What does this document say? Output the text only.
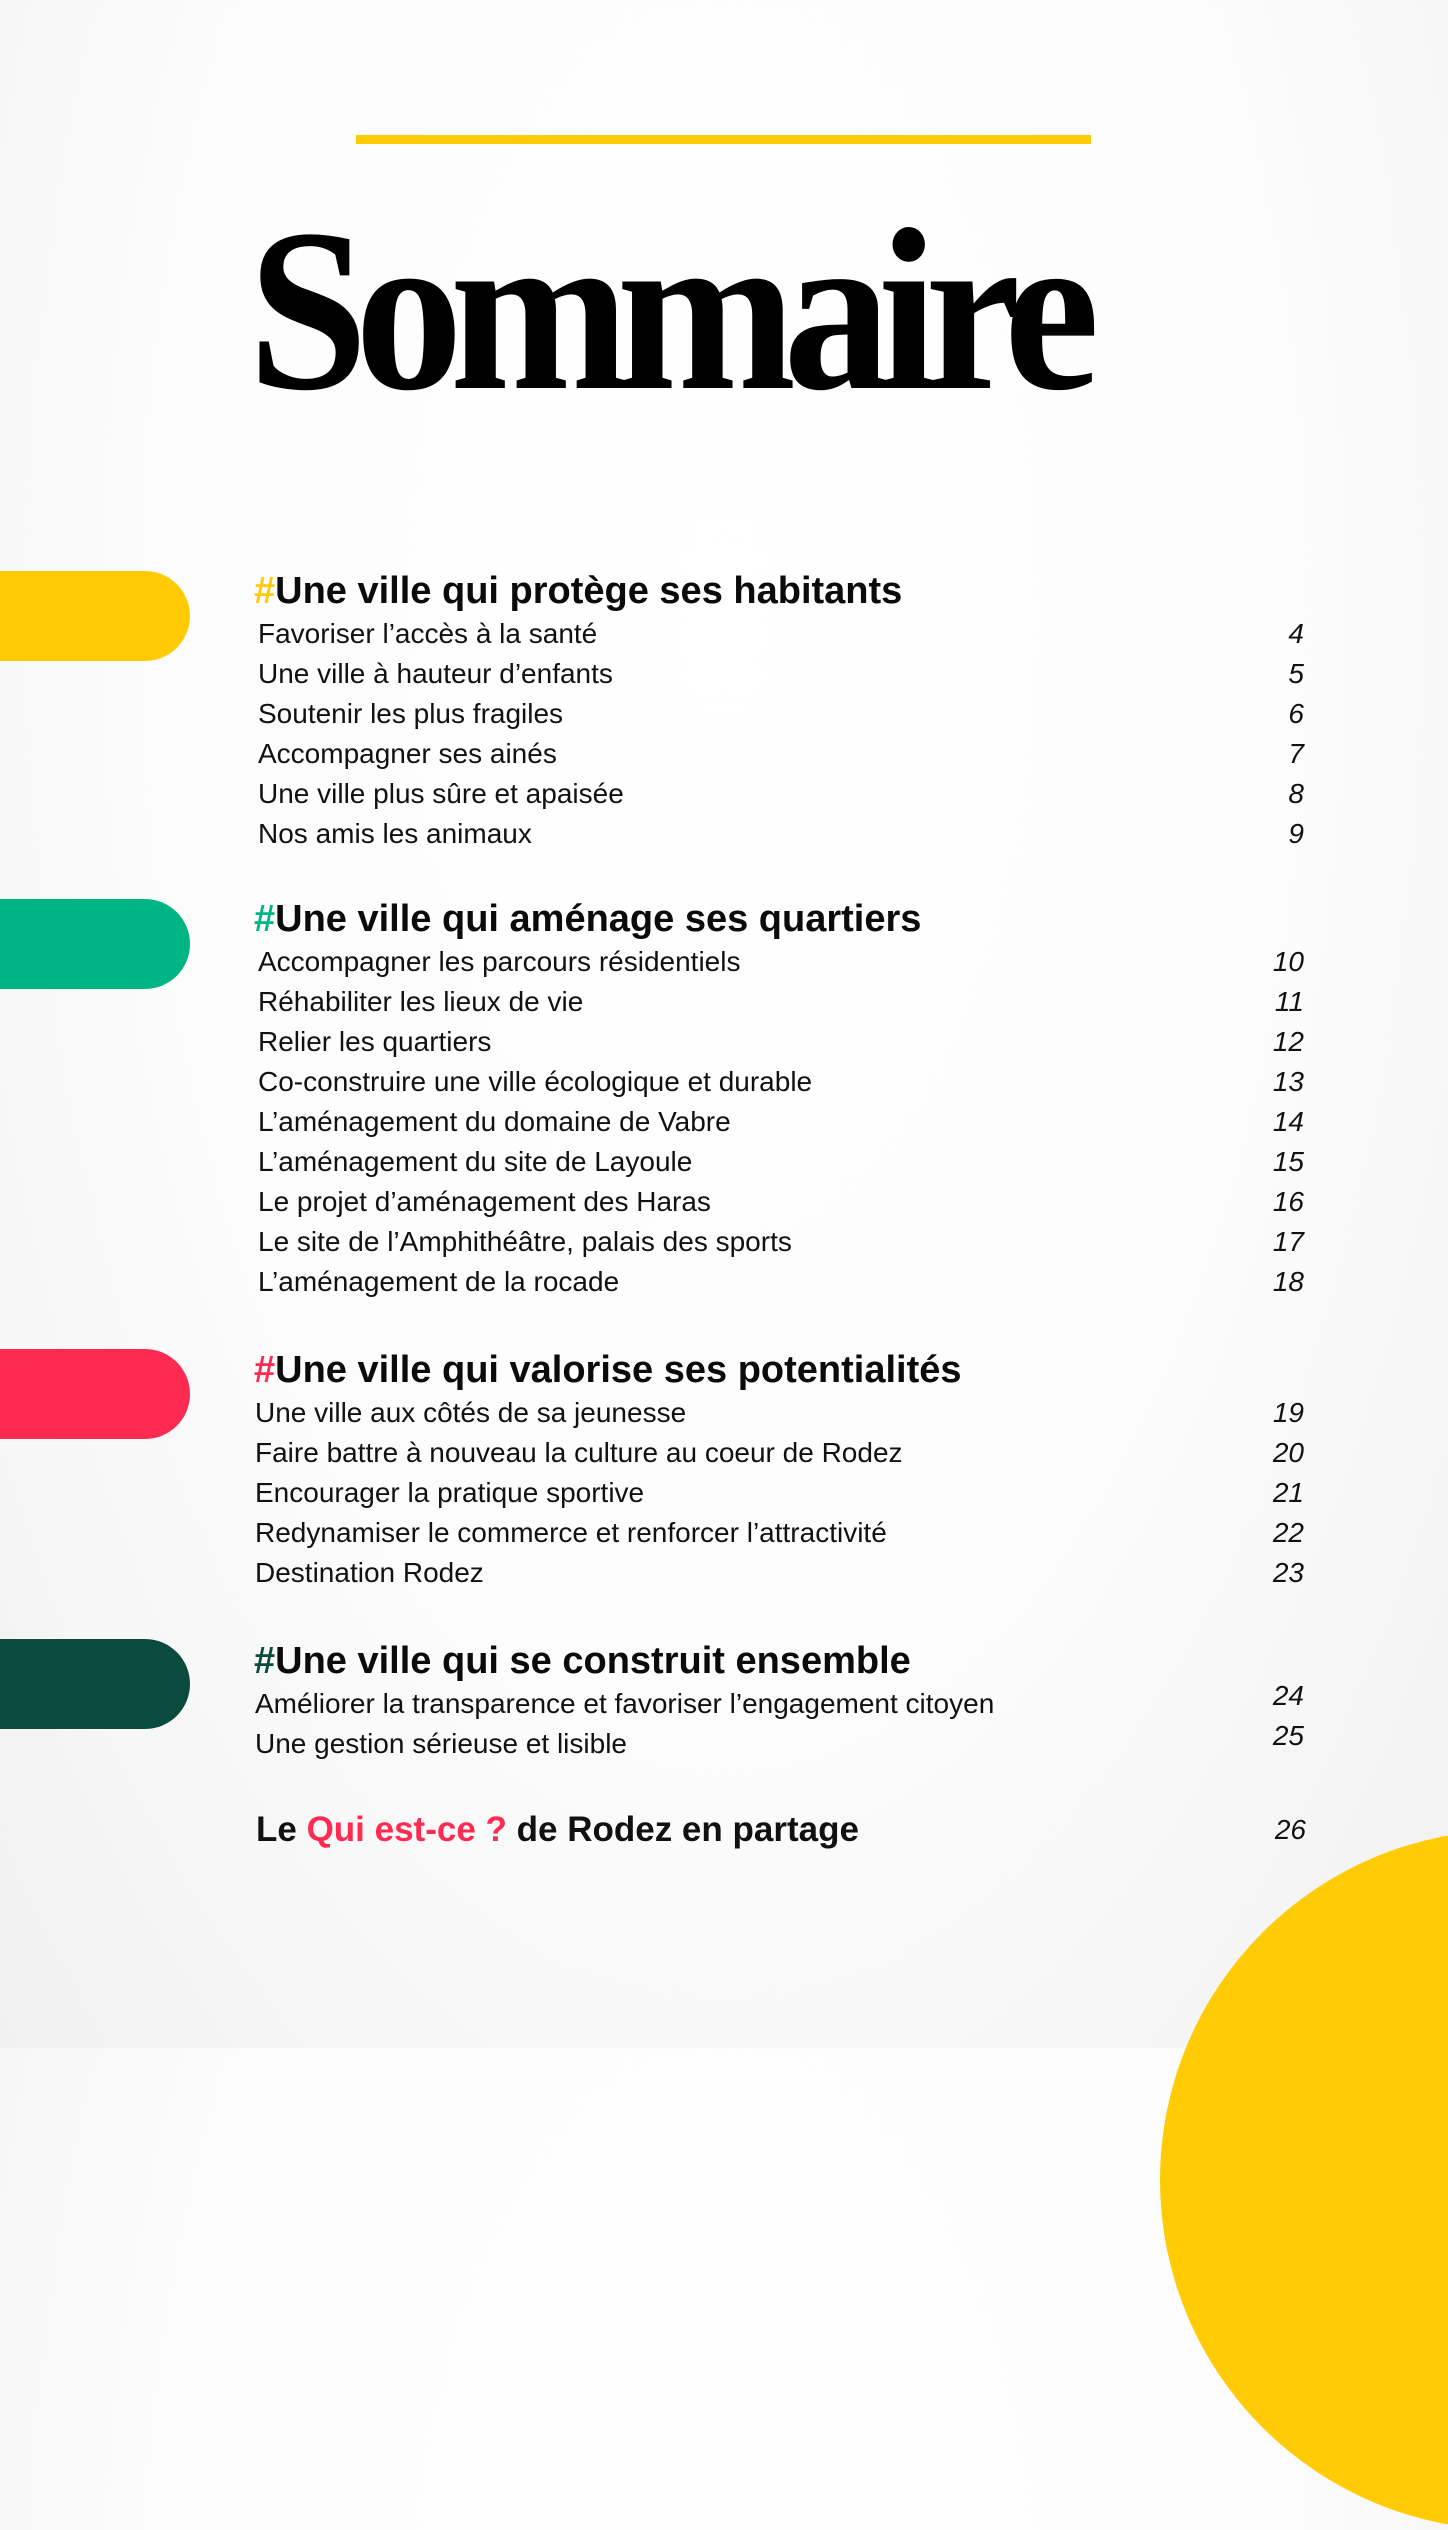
Sommaire
#Une ville qui protège ses habitants
Favoriser l’accès à la santé	4
Une ville à hauteur d’enfants	5
Soutenir les plus fragiles	6
Accompagner ses ainés	7
Une ville plus sûre et apaisée	8
Nos amis les animaux	9
#Une ville qui aménage ses quartiers
Accompagner les parcours résidentiels	10
Réhabiliter les lieux de vie	11
Relier les quartiers	12
Co-construire une ville écologique et durable	13
L’aménagement du domaine de Vabre	14
L’aménagement du site de Layoule	15
Le projet d’aménagement des Haras	16
Le site de l’Amphithéâtre, palais des sports	17
L’aménagement de la rocade	18
#Une ville qui valorise ses potentialités
Une ville aux côtés de sa jeunesse	19
Faire battre à nouveau la culture au coeur de Rodez	20
Encourager la pratique sportive	21
Redynamiser le commerce et renforcer l’attractivité	22
Destination Rodez	23
#Une ville qui se construit ensemble
Améliorer la transparence et favoriser l’engagement citoyen	24
Une gestion sérieuse et lisible	25
Le Qui est-ce ? de Rodez en partage	26
